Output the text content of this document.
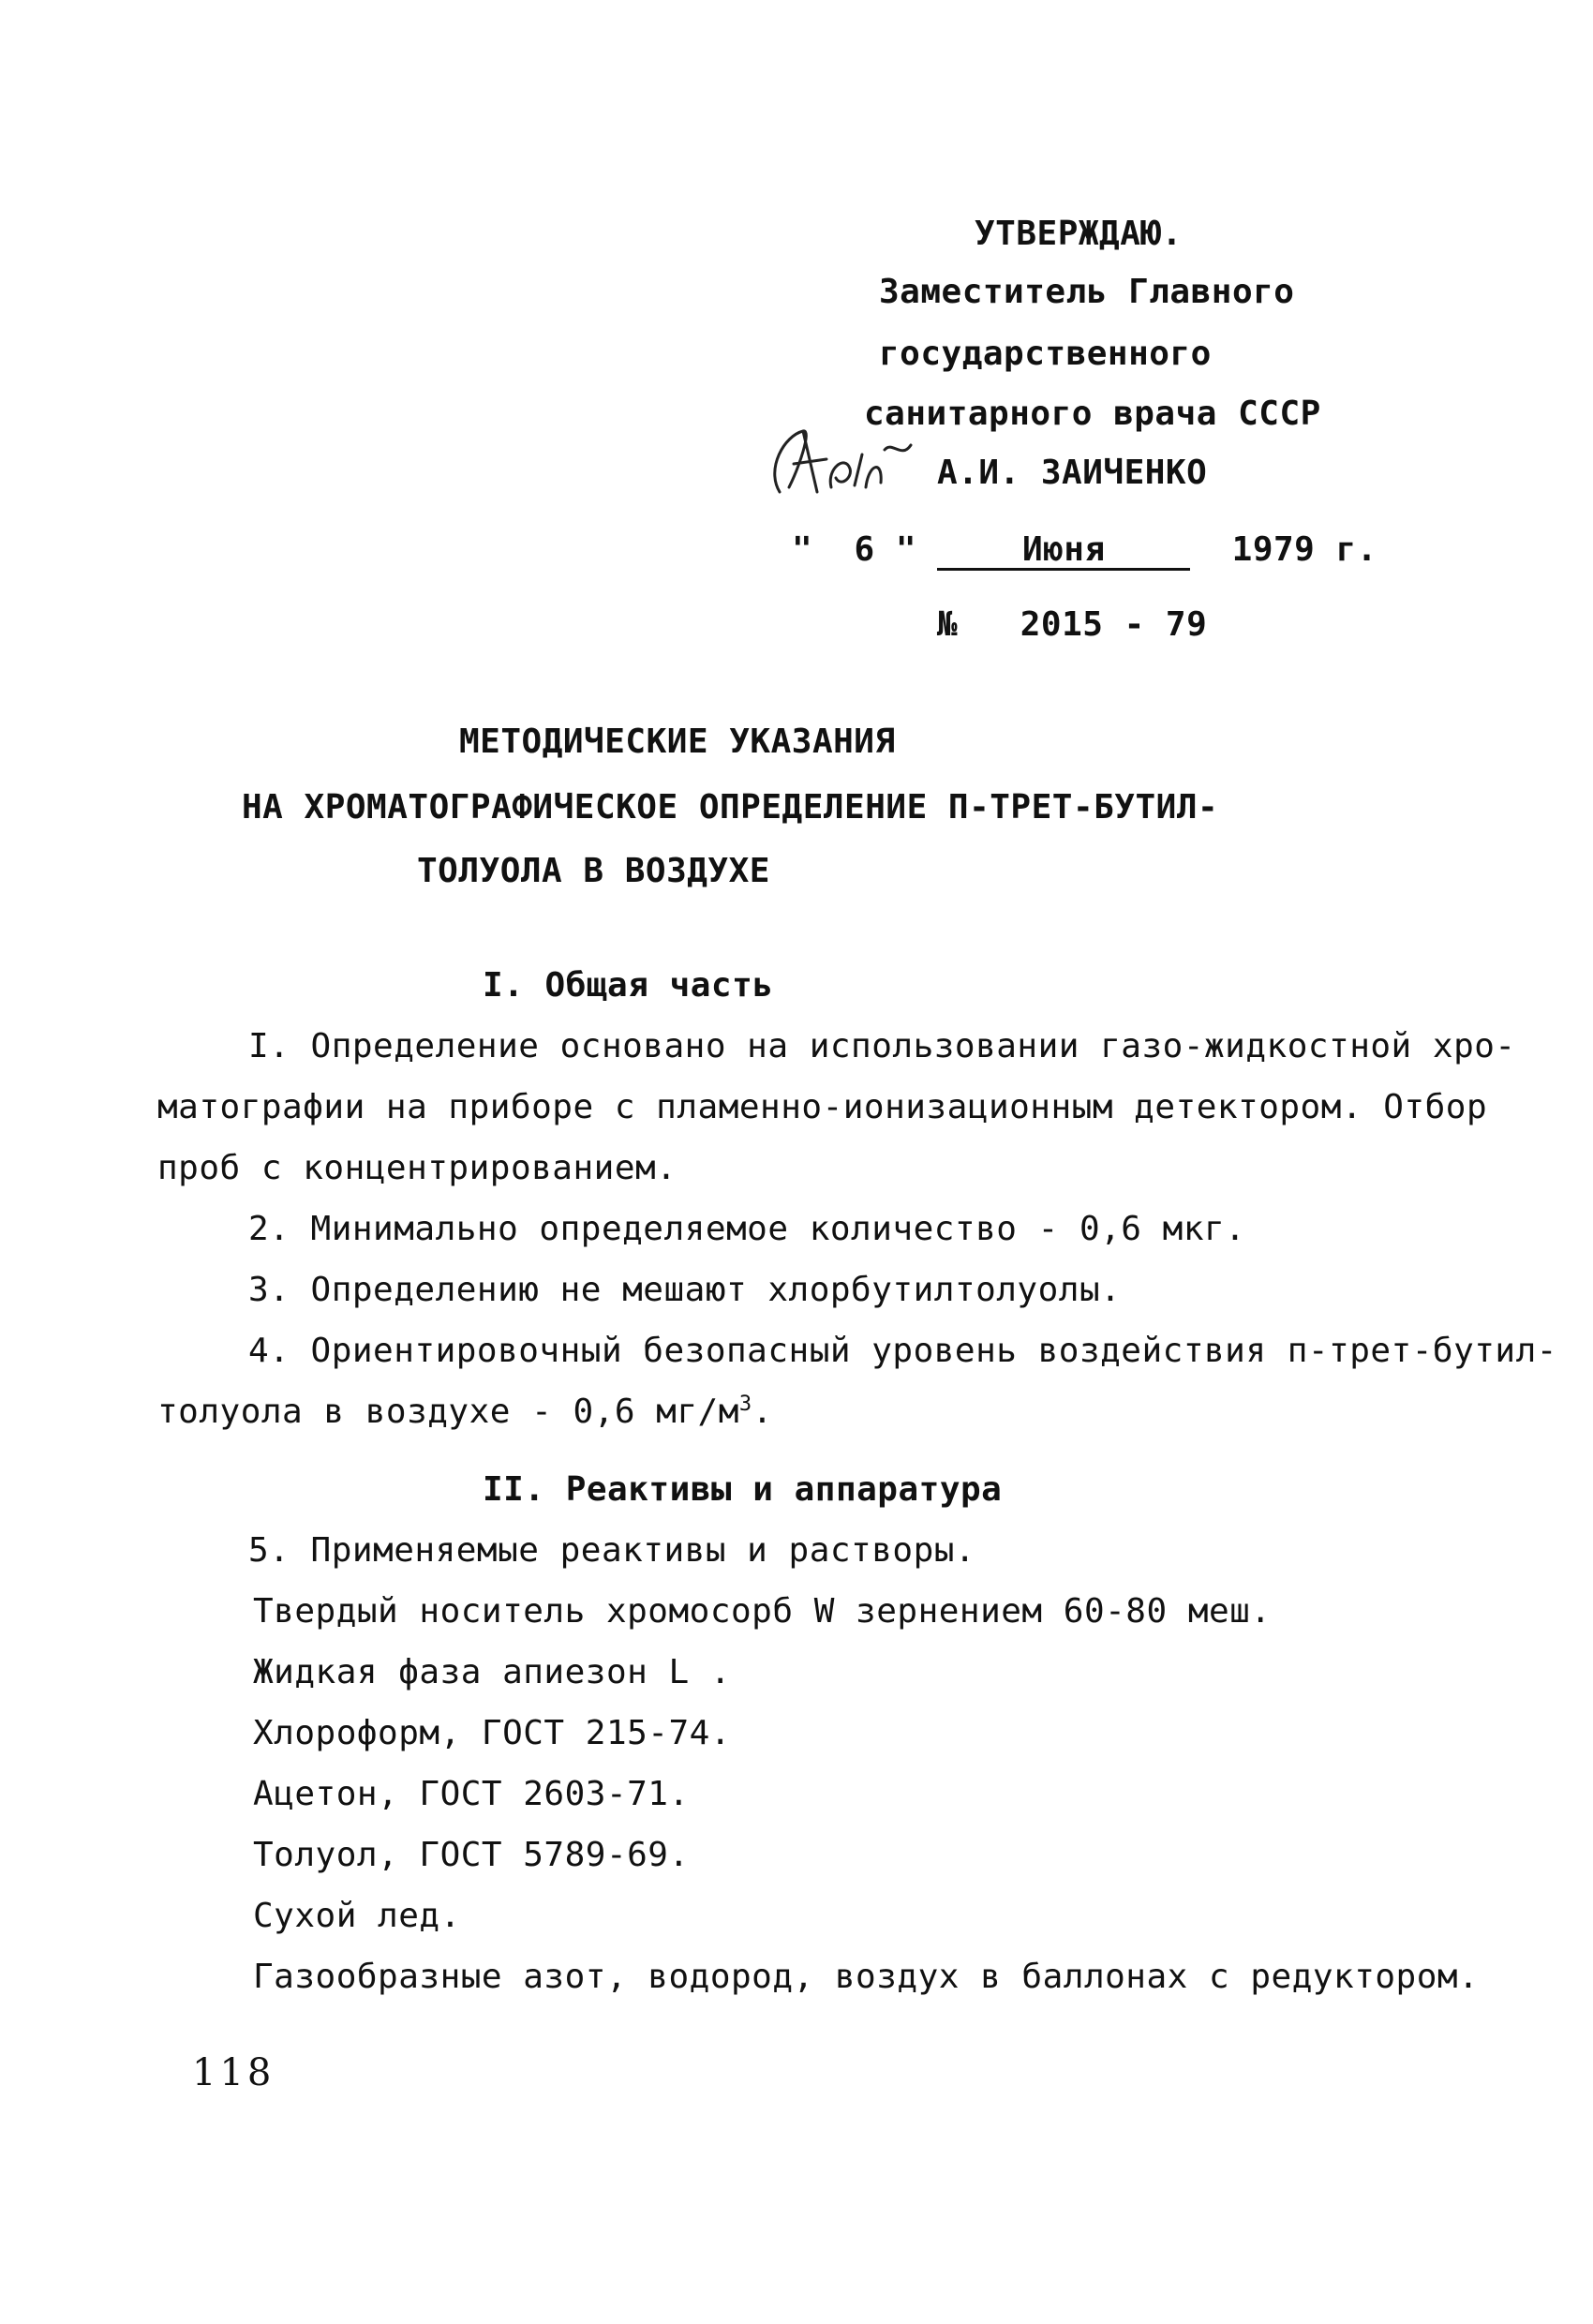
УТВЕРЖДАЮ.
Заместитель Главного
государственного
санитарного врача СССР
А.И. ЗАИЧЕНКО
" 6 "	Июня	1979 г.
№ 2015 - 79
МЕТОДИЧЕСКИЕ УКАЗАНИЯ
НА ХРОМАТОГРАФИЧЕСКОЕ ОПРЕДЕЛЕНИЕ П-ТРЕТ-БУТИЛ-
ТОЛУОЛА В ВОЗДУХЕ
I. Общая часть
I. Определение основано на использовании газо-жидкостной хро-
матографии на приборе с пламенно-ионизационным детектором. Отбор
проб с концентрированием.
2. Минимально определяемое количество - 0,6 мкг.
3. Определению не мешают хлорбутилтолуолы.
4. Ориентировочный безопасный уровень воздействия п-трет-бутил-
толуола в воздухе - 0,6 $мг/м^3$.
II. Реактивы и аппаратура
5. Применяемые реактивы и растворы.
Твердый носитель хромосорб W зернением 60-80 меш.
Жидкая фаза апиезон L .
Хлороформ, ГОСТ 215-74.
Ацетон, ГОСТ 2603-71.
Толуол, ГОСТ 5789-69.
Сухой лед.
Газообразные азот, водород, воздух в баллонах с редуктором.
118
